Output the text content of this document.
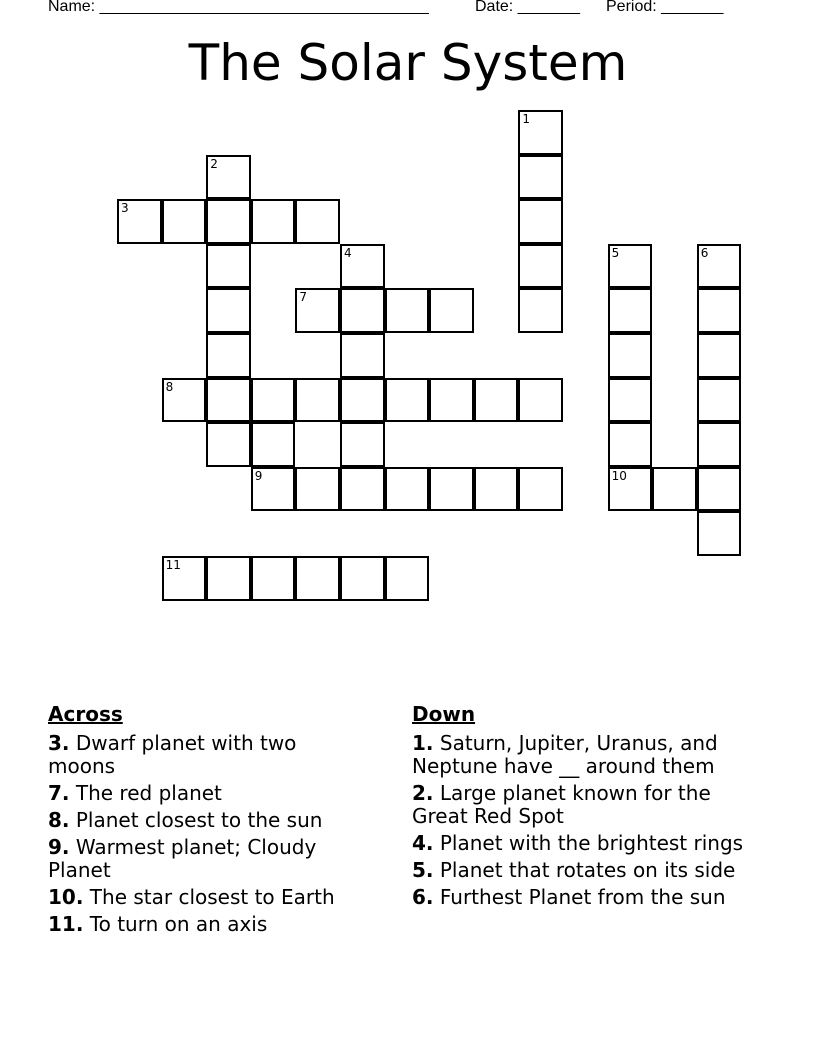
Name: _____________________________________

	Date: _______

Period: _______

The Solar System
1
2
3
4	5
10
6
7
8
9
11
Across
3. Dwarf planet with two moons
7. The red planet
8. Planet closest to the sun
9. Warmest planet; Cloudy Planet
10. The star closest to Earth
11. To turn on an axis
Down
1. Saturn, Jupiter, Uranus, and Neptune have __ around them
2. Large planet known for the Great Red Spot
4. Planet with the brightest rings
5. Planet that rotates on its side
6. Furthest Planet from the sun
